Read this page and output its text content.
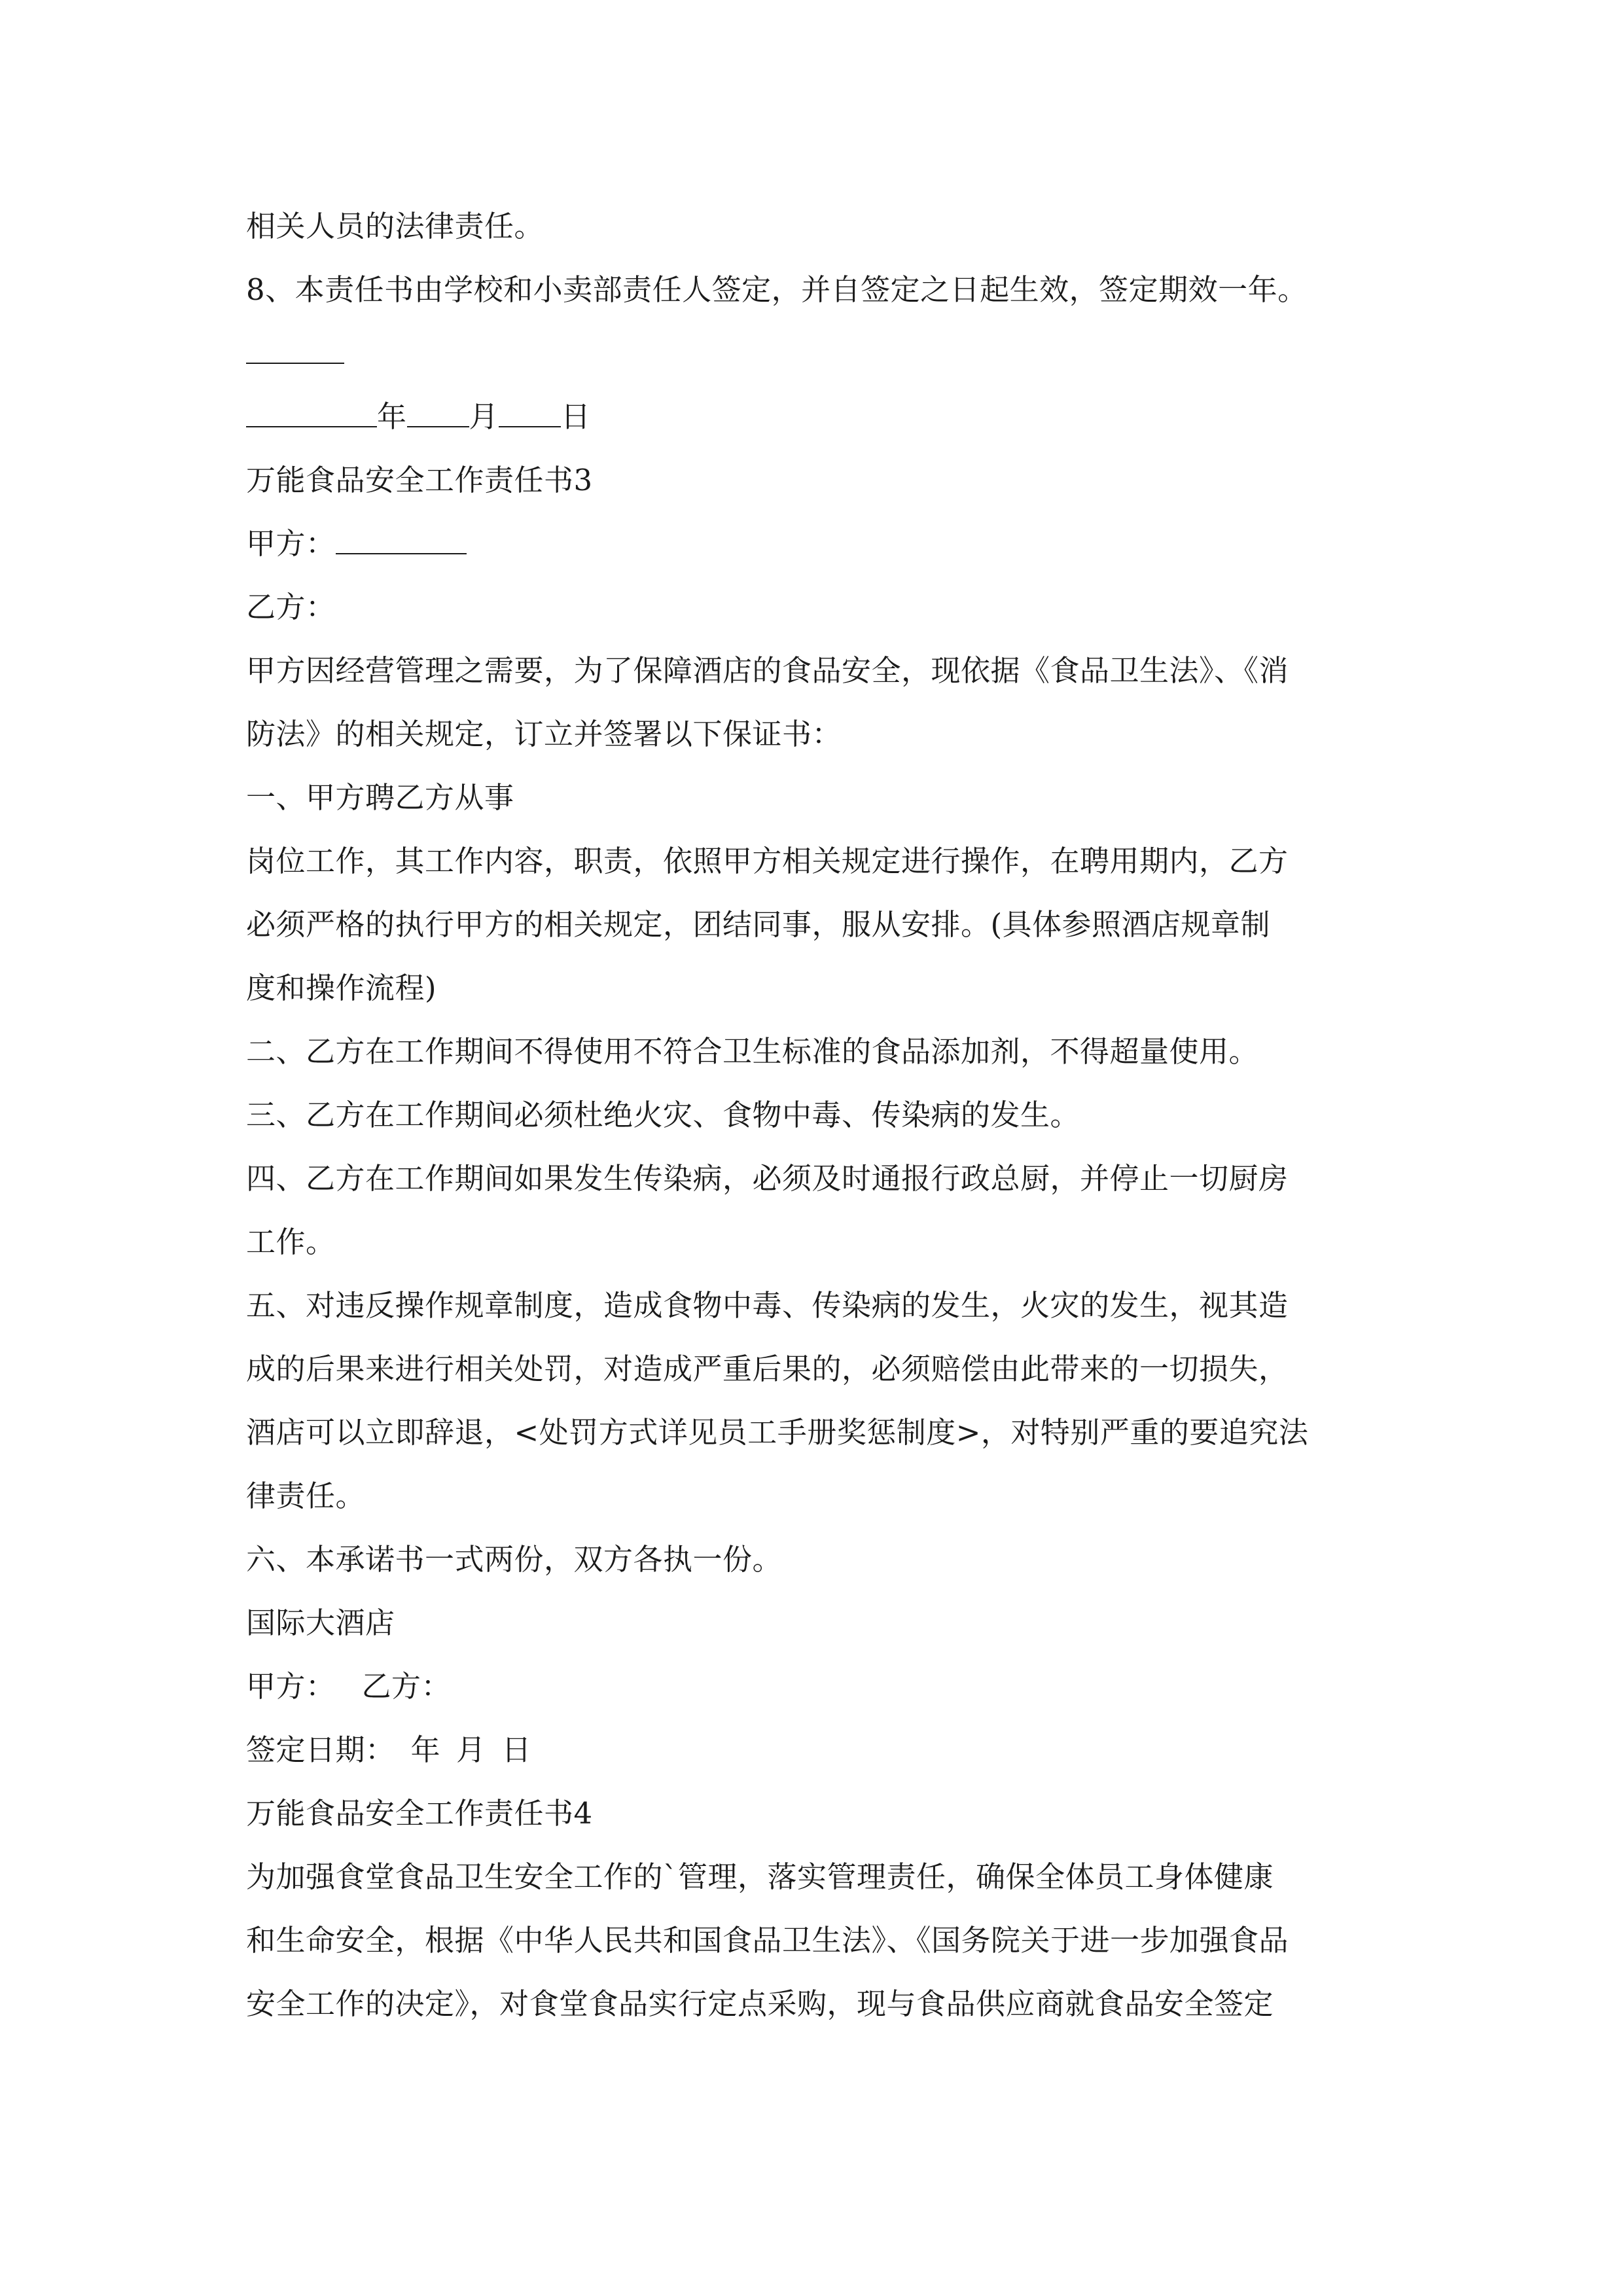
相关人员的法律责任。
8、本责任书由学校和小卖部责任人签定，并自签定之日起生效，签定期效一年。
年 月 日
万能食品安全工作责任书3
甲方：
乙方：
甲方因经营管理之需要，为了保障酒店的食品安全，现依据《食品卫生法》、《消
防法》的相关规定，订立并签署以下保证书：
一、甲方聘乙方从事
岗位工作，其工作内容，职责，依照甲方相关规定进行操作，在聘用期内，乙方
必须严格的执行甲方的相关规定，团结同事，服从安排。(具体参照酒店规章制
度和操作流程)
二、乙方在工作期间不得使用不符合卫生标准的食品添加剂，不得超量使用。
三、乙方在工作期间必须杜绝火灾、食物中毒、传染病的发生。
四、乙方在工作期间如果发生传染病，必须及时通报行政总厨，并停止一切厨房
工作。
五、对违反操作规章制度，造成食物中毒、传染病的发生，火灾的发生，视其造
成的后果来进行相关处罚，对造成严重后果的，必须赔偿由此带来的一切损失，
酒店可以立即辞退，<处罚方式详见员工手册奖惩制度>，对特别严重的要追究法
律责任。
六、本承诺书一式两份，双方各执一份。
国际大酒店
甲方： 乙方：
签定日期： 年 月 日
万能食品安全工作责任书4
为加强食堂食品卫生安全工作的`管理，落实管理责任，确保全体员工身体健康
和生命安全，根据《中华人民共和国食品卫生法》、《国务院关于进一步加强食品
安全工作的决定》，对食堂食品实行定点采购，现与食品供应商就食品安全签定
